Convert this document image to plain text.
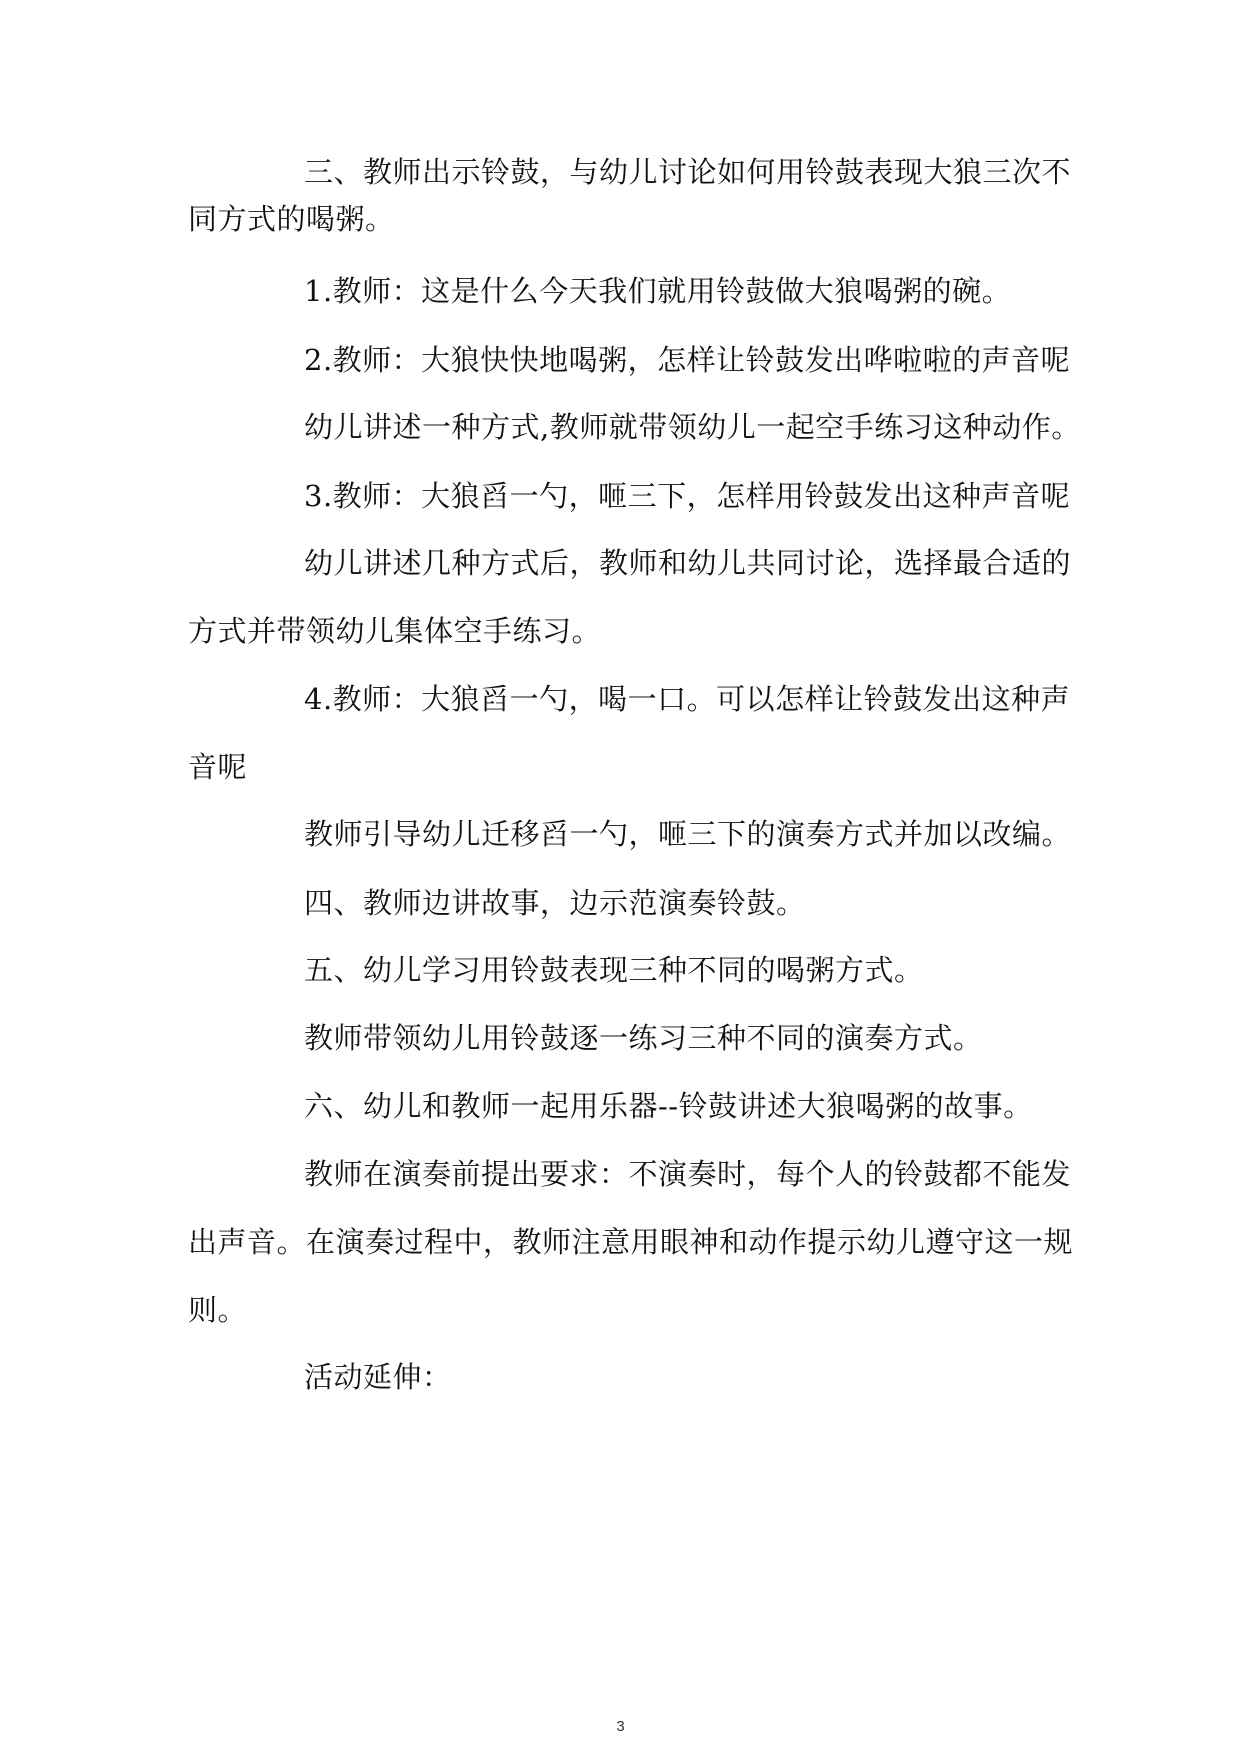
三、教师出示铃鼓，与幼儿讨论如何用铃鼓表现大狼三次不

同方式的喝粥。

1.教师：这是什么今天我们就用铃鼓做大狼喝粥的碗。

2.教师：大狼快快地喝粥，怎样让铃鼓发出哗啦啦的声音呢

幼儿讲述一种方式,教师就带领幼儿一起空手练习这种动作。

3.教师：大狼舀一勺，咂三下，怎样用铃鼓发出这种声音呢

幼儿讲述几种方式后，教师和幼儿共同讨论，选择最合适的

方式并带领幼儿集体空手练习。

4.教师：大狼舀一勺，喝一口。可以怎样让铃鼓发出这种声

音呢

教师引导幼儿迁移舀一勺，咂三下的演奏方式并加以改编。

四、教师边讲故事，边示范演奏铃鼓。

五、幼儿学习用铃鼓表现三种不同的喝粥方式。

教师带领幼儿用铃鼓逐一练习三种不同的演奏方式。

六、幼儿和教师一起用乐器--铃鼓讲述大狼喝粥的故事。

教师在演奏前提出要求：不演奏时，每个人的铃鼓都不能发

出声音。在演奏过程中，教师注意用眼神和动作提示幼儿遵守这一规

则。

活动延伸：

3
